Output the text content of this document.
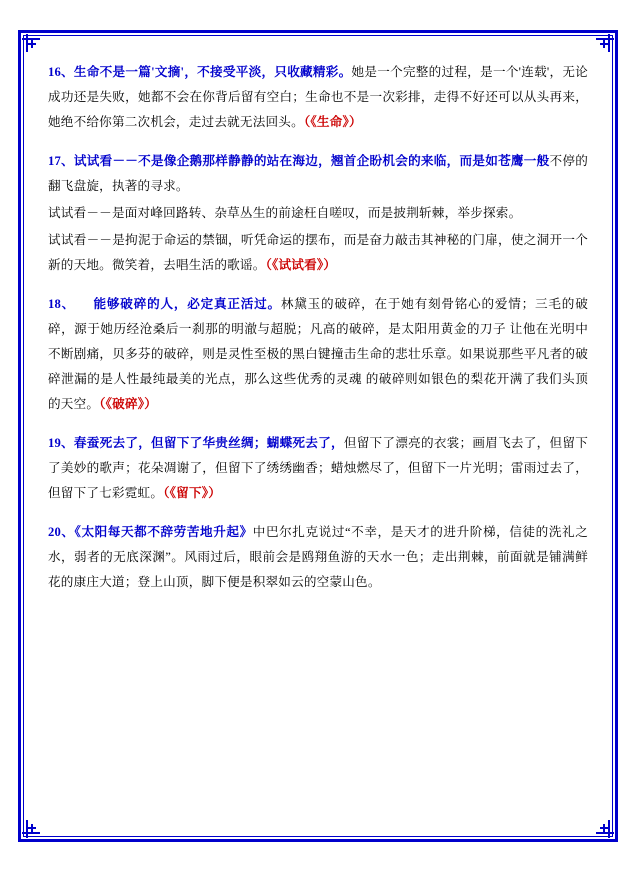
16、生命不是一篇'文摘'，不接受平淡，只收藏精彩。她是一个完整的过程，是一个'连载'，无论成功还是失败，她都不会在你背后留有空白；生命也不是一次彩排，走得不好还可以从头再来，她绝不给你第二次机会，走过去就无法回头。（《生命》）

17、试试看－－不是像企鹅那样静静的站在海边，翘首企盼机会的来临，而是如苍鹰一般不停的翻飞盘旋，执著的寻求。

试试看－－是面对峰回路转、杂草丛生的前途枉自嗟叹，而是披荆斩棘，举步探索。

试试看－－是拘泥于命运的禁锢，听凭命运的摆布，而是奋力敲击其神秘的门扉，使之洞开一个新的天地。微笑着，去唱生活的歌谣。（《试试看》）

18、 能够破碎的人，必定真正活过。林黛玉的破碎，在于她有刻骨铭心的爱情；三毛的破碎，源于她历经沧桑后一刹那的明澈与超脱；凡高的破碎，是太阳用黄金的刀子 让他在光明中不断剧痛，贝多芬的破碎，则是灵性至极的黑白键撞击生命的悲壮乐章。如果说那些平凡者的破碎泄漏的是人性最纯最美的光点，那么这些优秀的灵魂 的破碎则如银色的梨花开满了我们头顶的天空。（《破碎》）

19、春蚕死去了，但留下了华贵丝绸；蝴蝶死去了，但留下了漂亮的衣裳；画眉飞去了，但留下了美妙的歌声；花朵凋谢了，但留下了绣绣幽香；蜡烛燃尽了，但留下一片光明；雷雨过去了，但留下了七彩霓虹。（《留下》）

20、《太阳每天都不辞劳苦地升起》中巴尔扎克说过“不幸，是天才的进升阶梯，信徒的洗礼之水，弱者的无底深渊”。风雨过后，眼前会是鸥翔鱼游的天水一色；走出荆棘，前面就是铺满鲜花的康庄大道；登上山顶，脚下便是积翠如云的空蒙山色。
